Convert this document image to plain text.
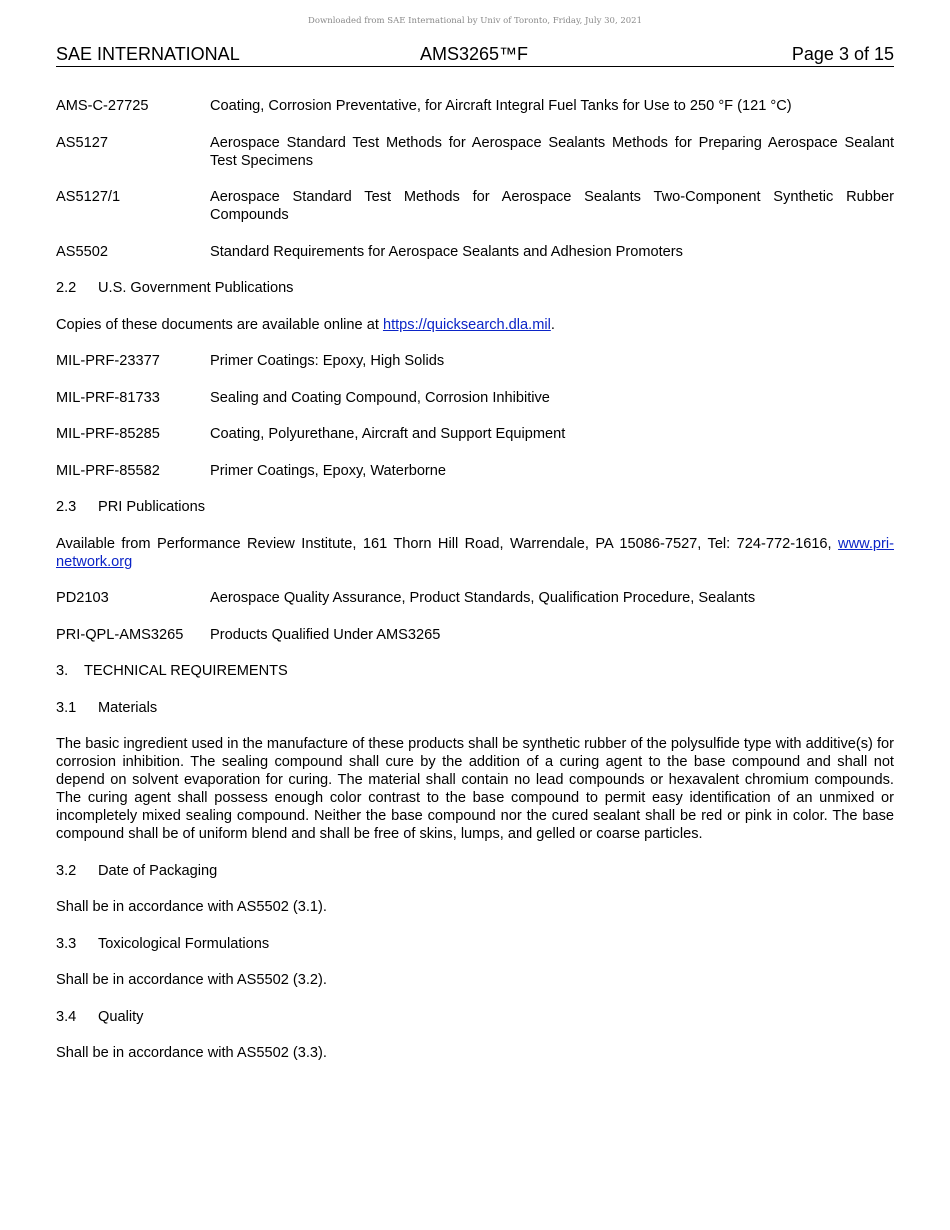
Downloaded from SAE International by Univ of Toronto, Friday, July 30, 2021
SAE INTERNATIONAL	AMS3265™F	Page 3 of 15
AMS-C-27725	Coating, Corrosion Preventative, for Aircraft Integral Fuel Tanks for Use to 250 °F (121 °C)
AS5127	Aerospace Standard Test Methods for Aerospace Sealants Methods for Preparing Aerospace Sealant Test Specimens
AS5127/1	Aerospace Standard Test Methods for Aerospace Sealants Two-Component Synthetic Rubber Compounds
AS5502	Standard Requirements for Aerospace Sealants and Adhesion Promoters
2.2 U.S. Government Publications
Copies of these documents are available online at https://quicksearch.dla.mil.
MIL-PRF-23377	Primer Coatings: Epoxy, High Solids
MIL-PRF-81733	Sealing and Coating Compound, Corrosion Inhibitive
MIL-PRF-85285	Coating, Polyurethane, Aircraft and Support Equipment
MIL-PRF-85582	Primer Coatings, Epoxy, Waterborne
2.3 PRI Publications
Available from Performance Review Institute, 161 Thorn Hill Road, Warrendale, PA 15086-7527, Tel: 724-772-1616, www.pri-network.org
PD2103	Aerospace Quality Assurance, Product Standards, Qualification Procedure, Sealants
PRI-QPL-AMS3265	Products Qualified Under AMS3265
3. TECHNICAL REQUIREMENTS
3.1 Materials
The basic ingredient used in the manufacture of these products shall be synthetic rubber of the polysulfide type with additive(s) for corrosion inhibition. The sealing compound shall cure by the addition of a curing agent to the base compound and shall not depend on solvent evaporation for curing. The material shall contain no lead compounds or hexavalent chromium compounds. The curing agent shall possess enough color contrast to the base compound to permit easy identification of an unmixed or incompletely mixed sealing compound. Neither the base compound nor the cured sealant shall be red or pink in color. The base compound shall be of uniform blend and shall be free of skins, lumps, and gelled or coarse particles.
3.2 Date of Packaging
Shall be in accordance with AS5502 (3.1).
3.3 Toxicological Formulations
Shall be in accordance with AS5502 (3.2).
3.4 Quality
Shall be in accordance with AS5502 (3.3).
